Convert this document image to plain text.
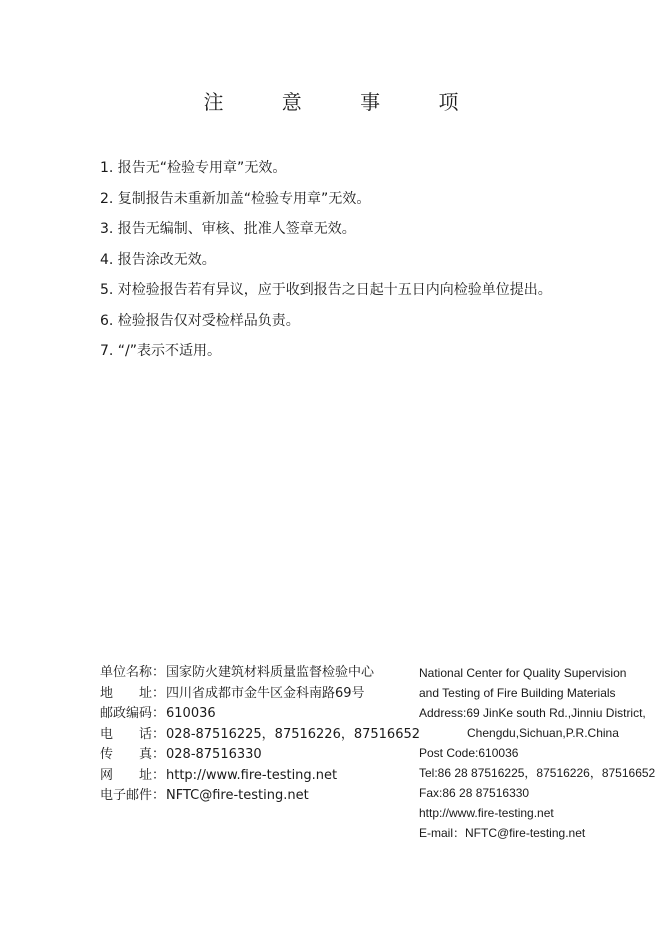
注 意 事 项
1. 报告无“检验专用章”无效。
2. 复制报告未重新加盖“检验专用章”无效。
3. 报告无编制、审核、批准人签章无效。
4. 报告涂改无效。
5. 对检验报告若有异议，应于收到报告之日起十五日内向检验单位提出。
6. 检验报告仅对受检样品负责。
7. “/”表示不适用。
单位名称： 国家防火建筑材料质量监督检验中心
地　　址： 四川省成都市金牛区金科南路69号
邮政编码： 610036
电　　话： 028-87516225，87516226，87516652
传　　真： 028-87516330
网　　址： http://www.fire-testing.net
电子邮件： NFTC@fire-testing.net
National Center for Quality Supervision
and Testing of Fire Building Materials
Address:69 JinKe south Rd.,Jinniu District,
Chengdu,Sichuan,P.R.China
Post Code:610036
Tel:86 28 87516225，87516226，87516652
Fax:86 28 87516330
http://www.fire-testing.net
E-mail：NFTC@fire-testing.net
